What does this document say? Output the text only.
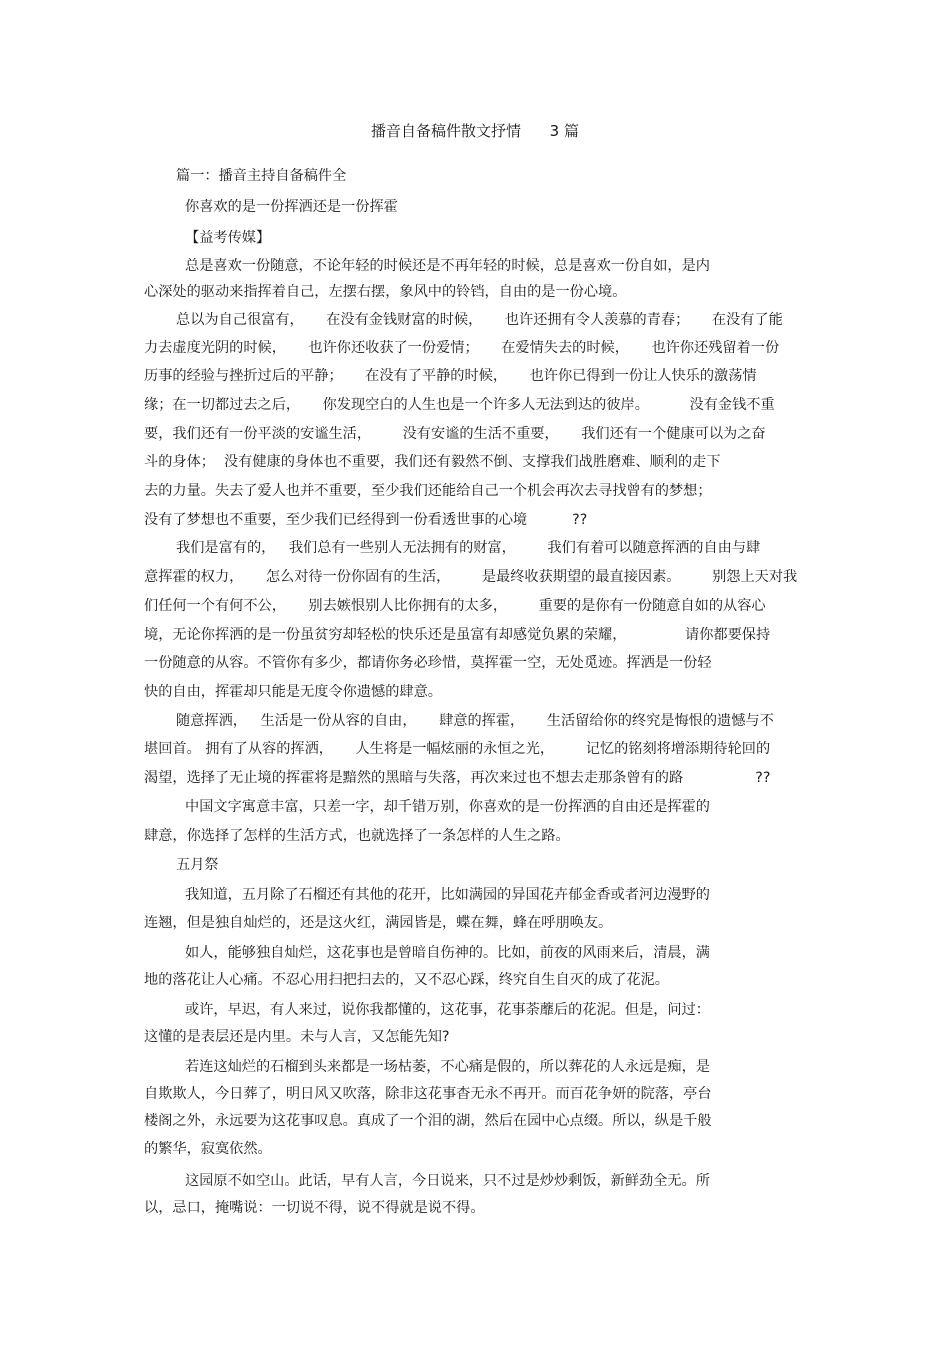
播音自备稿件散文抒情      3 篇
篇一：播音主持自备稿件全
你喜欢的是一份挥洒还是一份挥霍
【益考传媒】
总是喜欢一份随意，不论年轻的时候还是不再年轻的时候，总是喜欢一份自如，是内
心深处的驱动来指挥着自己，左摆右摆，象风中的铃铛，自由的是一份心境。
总以为自己很富有，     在没有金钱财富的时候，     也许还拥有令人羡慕的青春；     在没有了能
力去虚度光阴的时候，     也许你还收获了一份爱情；     在爱情失去的时候，     也许你还残留着一份
历事的经验与挫折过后的平静；     在没有了平静的时候，     也许你已得到一份让人快乐的激荡情
缘；在一切都过去之后，     你发现空白的人生也是一个许多人无法到达的彼岸。         没有金钱不重
要，我们还有一份平淡的安谧生活，       没有安谧的生活不重要，     我们还有一个健康可以为之奋
斗的身体；  没有健康的身体也不重要，我们还有毅然不倒、支撑我们战胜磨难、顺利的走下
去的力量。失去了爱人也并不重要，至少我们还能给自己一个机会再次去寻找曾有的梦想；
没有了梦想也不重要，至少我们已经得到一份看透世事的心境          ??
我们是富有的，   我们总有一些别人无法拥有的财富，       我们有着可以随意挥洒的自由与肆
意挥霍的权力，     怎么对待一份你固有的生活，       是最终收获期望的最直接因素。       别怨上天对我
们任何一个有何不公，     别去嫉恨别人比你拥有的太多，       重要的是你有一份随意自如的从容心
境，无论你挥洒的是一份虽贫穷却轻松的快乐还是虽富有却感觉负累的荣耀，             请你都要保持
一份随意的从容。不管你有多少，都请你务必珍惜，莫挥霍一空，无处觅迹。挥洒是一份轻
快的自由，挥霍却只能是无度令你遗憾的肆意。
随意挥洒，   生活是一份从容的自由，     肆意的挥霍，     生活留给你的终究是悔恨的遗憾与不
堪回首。 拥有了从容的挥洒，     人生将是一幅炫丽的永恒之光，       记忆的铭刻将增添期待轮回的
渴望，选择了无止境的挥霍将是黯然的黑暗与失落，再次来过也不想去走那条曾有的路                ??
中国文字寓意丰富，只差一字，却千错万别，你喜欢的是一份挥洒的自由还是挥霍的
肆意，你选择了怎样的生活方式，也就选择了一条怎样的人生之路。
五月祭
我知道，五月除了石榴还有其他的花开，比如满园的异国花卉郁金香或者河边漫野的
连翘，但是独自灿烂的，还是这火红，满园皆是，蝶在舞，蜂在呼朋唤友。
如人，能够独自灿烂，这花事也是曾暗自伤神的。比如，前夜的风雨来后，清晨，满
地的落花让人心痛。不忍心用扫把扫去的，又不忍心踩，终究自生自灭的成了花泥。
或许，早迟，有人来过，说你我都懂的，这花事，花事荼蘼后的花泥。但是，问过：
这懂的是表层还是内里。未与人言，又怎能先知?
若连这灿烂的石榴到头来都是一场枯萎，不心痛是假的，所以葬花的人永远是痴，是
自欺欺人，今日葬了，明日风又吹落，除非这花事杳无永不再开。而百花争妍的院落，亭台
楼阁之外，永远要为这花事叹息。真成了一个泪的湖，然后在园中心点缀。所以，纵是千般
的繁华，寂寞依然。
这园原不如空山。此话，早有人言，今日说来，只不过是炒炒剩饭，新鲜劲全无。所
以，忌口，掩嘴说：一切说不得，说不得就是说不得。
